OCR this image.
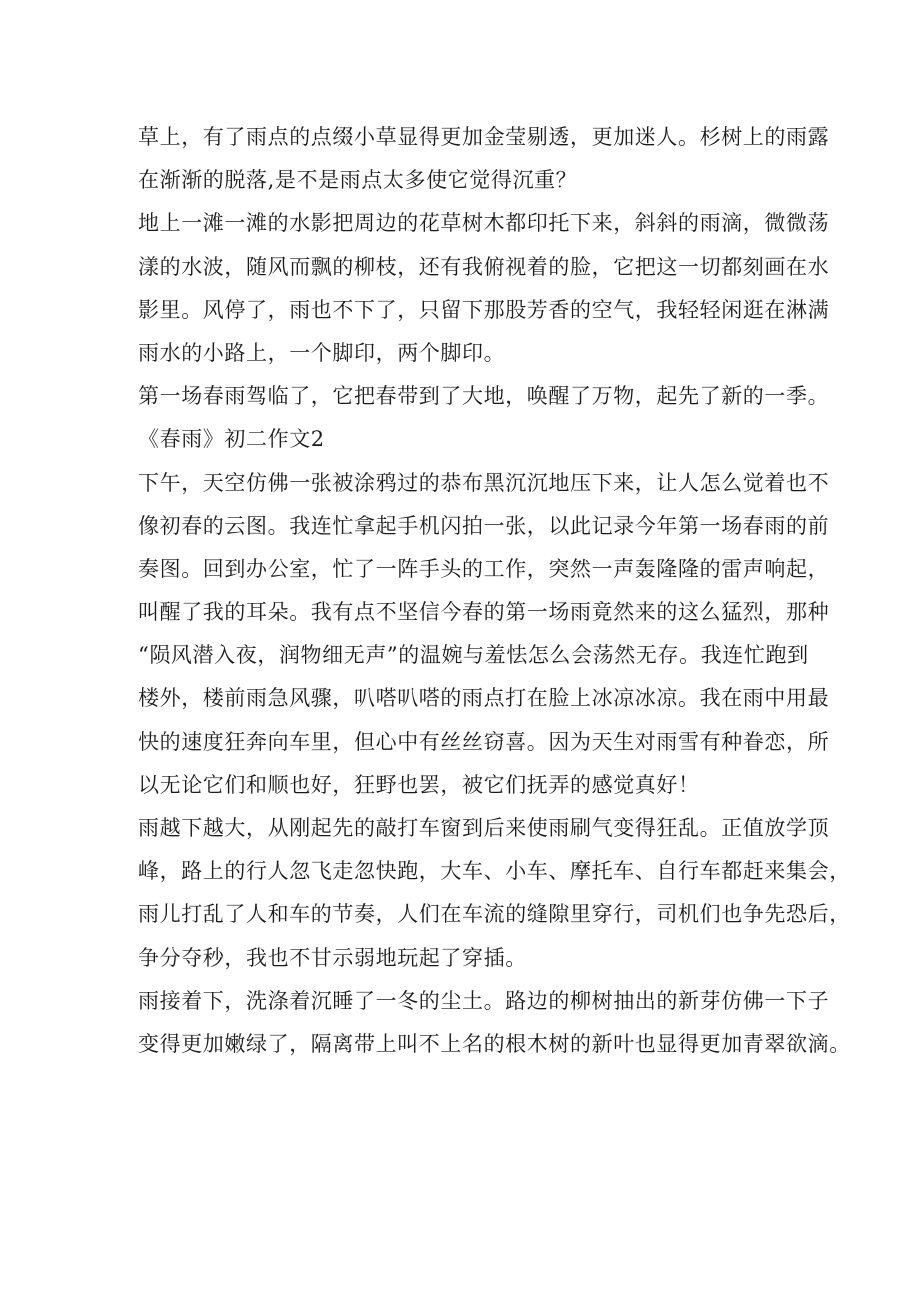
草上，有了雨点的点缀小草显得更加金莹剔透，更加迷人。杉树上的雨露
在渐渐的脱落,是不是雨点太多使它觉得沉重？
地上一滩一滩的水影把周边的花草树木都印托下来，斜斜的雨滴，微微荡
漾的水波，随风而飘的柳枝，还有我俯视着的脸，它把这一切都刻画在水
影里。风停了，雨也不下了，只留下那股芳香的空气，我轻轻闲逛在淋满
雨水的小路上，一个脚印，两个脚印。
第一场春雨驾临了，它把春带到了大地，唤醒了万物，起先了新的一季。
《春雨》初二作文2
下午，天空仿佛一张被涂鸦过的恭布黑沉沉地压下来，让人怎么觉着也不
像初春的云图。我连忙拿起手机闪拍一张，以此记录今年第一场春雨的前
奏图。回到办公室，忙了一阵手头的工作，突然一声轰隆隆的雷声响起，
叫醒了我的耳朵。我有点不坚信今春的第一场雨竟然来的这么猛烈，那种
“陨风潜入夜，润物细无声”的温婉与羞怯怎么会荡然无存。我连忙跑到
楼外，楼前雨急风骤，叭嗒叭嗒的雨点打在脸上冰凉冰凉。我在雨中用最
快的速度狂奔向车里，但心中有丝丝窃喜。因为天生对雨雪有种眷恋，所
以无论它们和顺也好，狂野也罢，被它们抚弄的感觉真好！
雨越下越大，从刚起先的敲打车窗到后来使雨刷气变得狂乱。正值放学顶
峰，路上的行人忽飞走忽快跑，大车、小车、摩托车、自行车都赶来集会，
雨儿打乱了人和车的节奏，人们在车流的缝隙里穿行，司机们也争先恐后，
争分夺秒，我也不甘示弱地玩起了穿插。
雨接着下，洗涤着沉睡了一冬的尘土。路边的柳树抽出的新芽仿佛一下子
变得更加嫩绿了，隔离带上叫不上名的根木树的新叶也显得更加青翠欲滴。
